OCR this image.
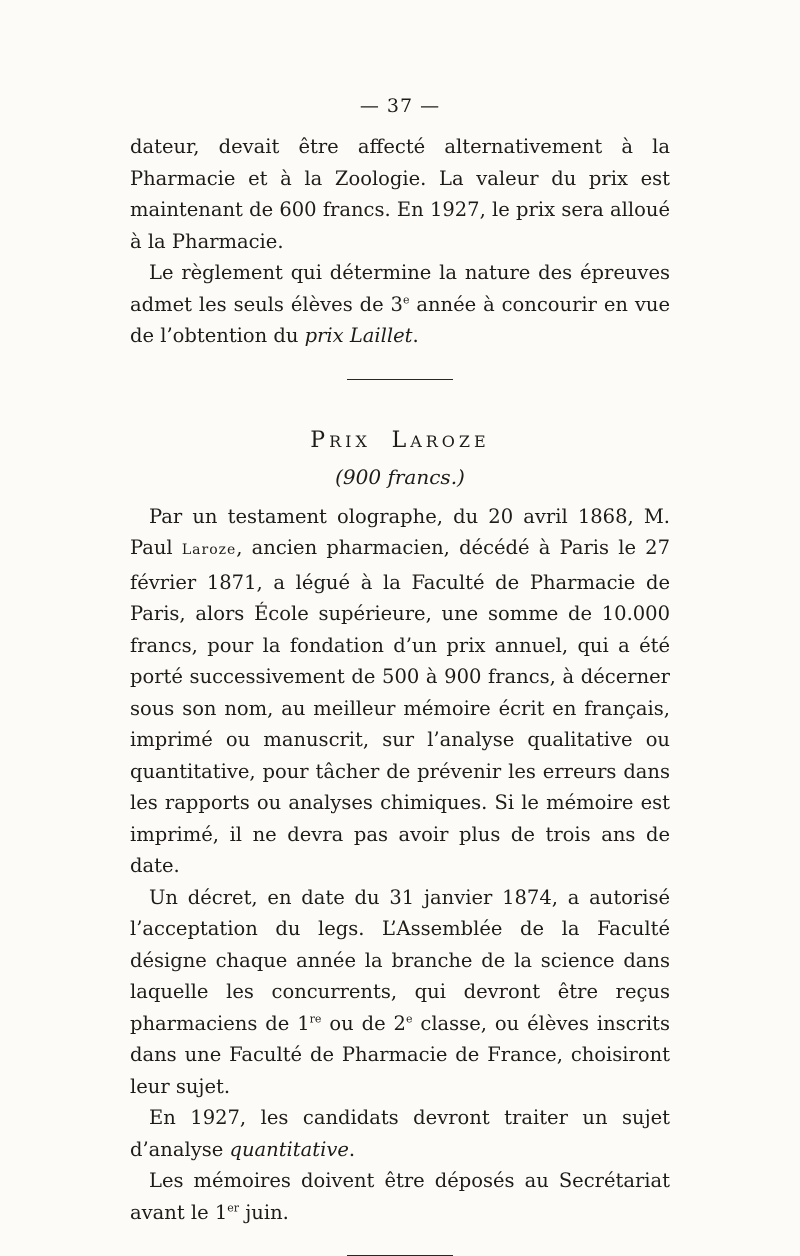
— 37 —

dateur, devait être affecté alternativement à la Pharmacie et à la Zoologie. La valeur du prix est maintenant de 600 francs. En 1927, le prix sera alloué à la Pharmacie.

Le règlement qui détermine la nature des épreuves admet les seuls élèves de 3e année à concourir en vue de l’obtention du prix Laillet.

PRIX LAROZE
(900 francs.)

Par un testament olographe, du 20 avril 1868, M. Paul Laroze, ancien pharmacien, décédé à Paris le 27 février 1871, a légué à la Faculté de Pharmacie de Paris, alors École supérieure, une somme de 10.000 francs, pour la fondation d’un prix annuel, qui a été porté successivement de 500 à 900 francs, à décerner sous son nom, au meilleur mémoire écrit en français, imprimé ou manuscrit, sur l’analyse qualitative ou quantitative, pour tâcher de prévenir les erreurs dans les rapports ou analyses chimiques. Si le mémoire est imprimé, il ne devra pas avoir plus de trois ans de date.

Un décret, en date du 31 janvier 1874, a autorisé l’acceptation du legs. L’Assemblée de la Faculté désigne chaque année la branche de la science dans laquelle les concurrents, qui devront être reçus pharmaciens de 1re ou de 2e classe, ou élèves inscrits dans une Faculté de Pharmacie de France, choisiront leur sujet.

En 1927, les candidats devront traiter un sujet d’analyse quantitative.

Les mémoires doivent être déposés au Secrétariat avant le 1er juin.
